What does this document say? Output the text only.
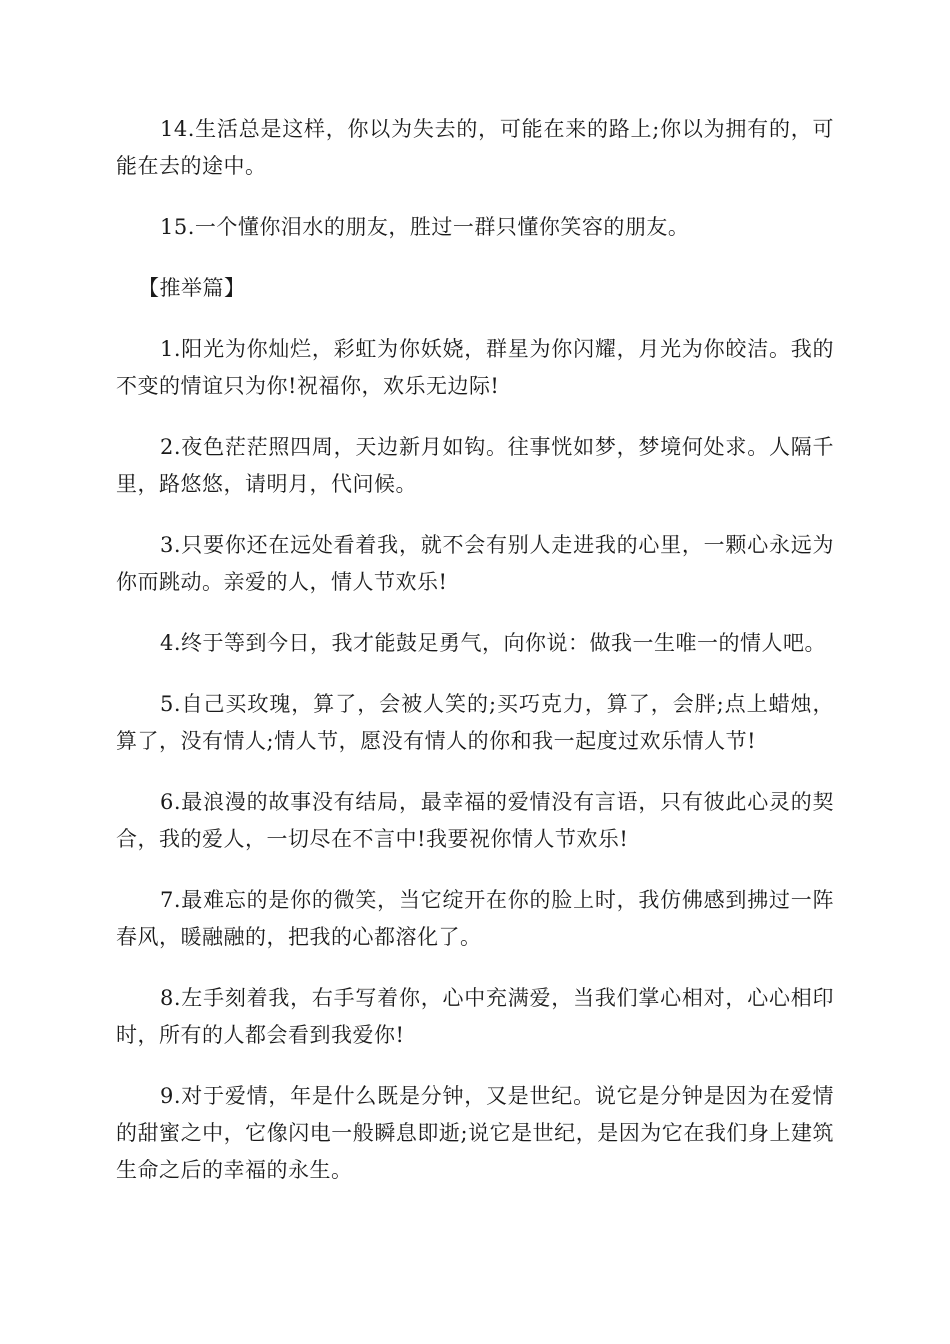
14.生活总是这样，你以为失去的，可能在来的路上;你以为拥有的，可能在去的途中。

15.一个懂你泪水的朋友，胜过一群只懂你笑容的朋友。

【推举篇】

1.阳光为你灿烂，彩虹为你妖娆，群星为你闪耀，月光为你皎洁。我的不变的情谊只为你!祝福你，欢乐无边际!

2.夜色茫茫照四周，天边新月如钩。往事恍如梦，梦境何处求。人隔千里，路悠悠，请明月，代问候。

3.只要你还在远处看着我，就不会有别人走进我的心里，一颗心永远为你而跳动。亲爱的人，情人节欢乐!

4.终于等到今日，我才能鼓足勇气，向你说：做我一生唯一的情人吧。

5.自己买玫瑰，算了，会被人笑的;买巧克力，算了，会胖;点上蜡烛，算了，没有情人;情人节，愿没有情人的你和我一起度过欢乐情人节!

6.最浪漫的故事没有结局，最幸福的爱情没有言语，只有彼此心灵的契合，我的爱人，一切尽在不言中!我要祝你情人节欢乐!

7.最难忘的是你的微笑，当它绽开在你的脸上时，我仿佛感到拂过一阵春风，暖融融的，把我的心都溶化了。

8.左手刻着我，右手写着你，心中充满爱，当我们掌心相对，心心相印时，所有的人都会看到我爱你!

9.对于爱情，年是什么既是分钟，又是世纪。说它是分钟是因为在爱情的甜蜜之中，它像闪电一般瞬息即逝;说它是世纪，是因为它在我们身上建筑生命之后的幸福的永生。
